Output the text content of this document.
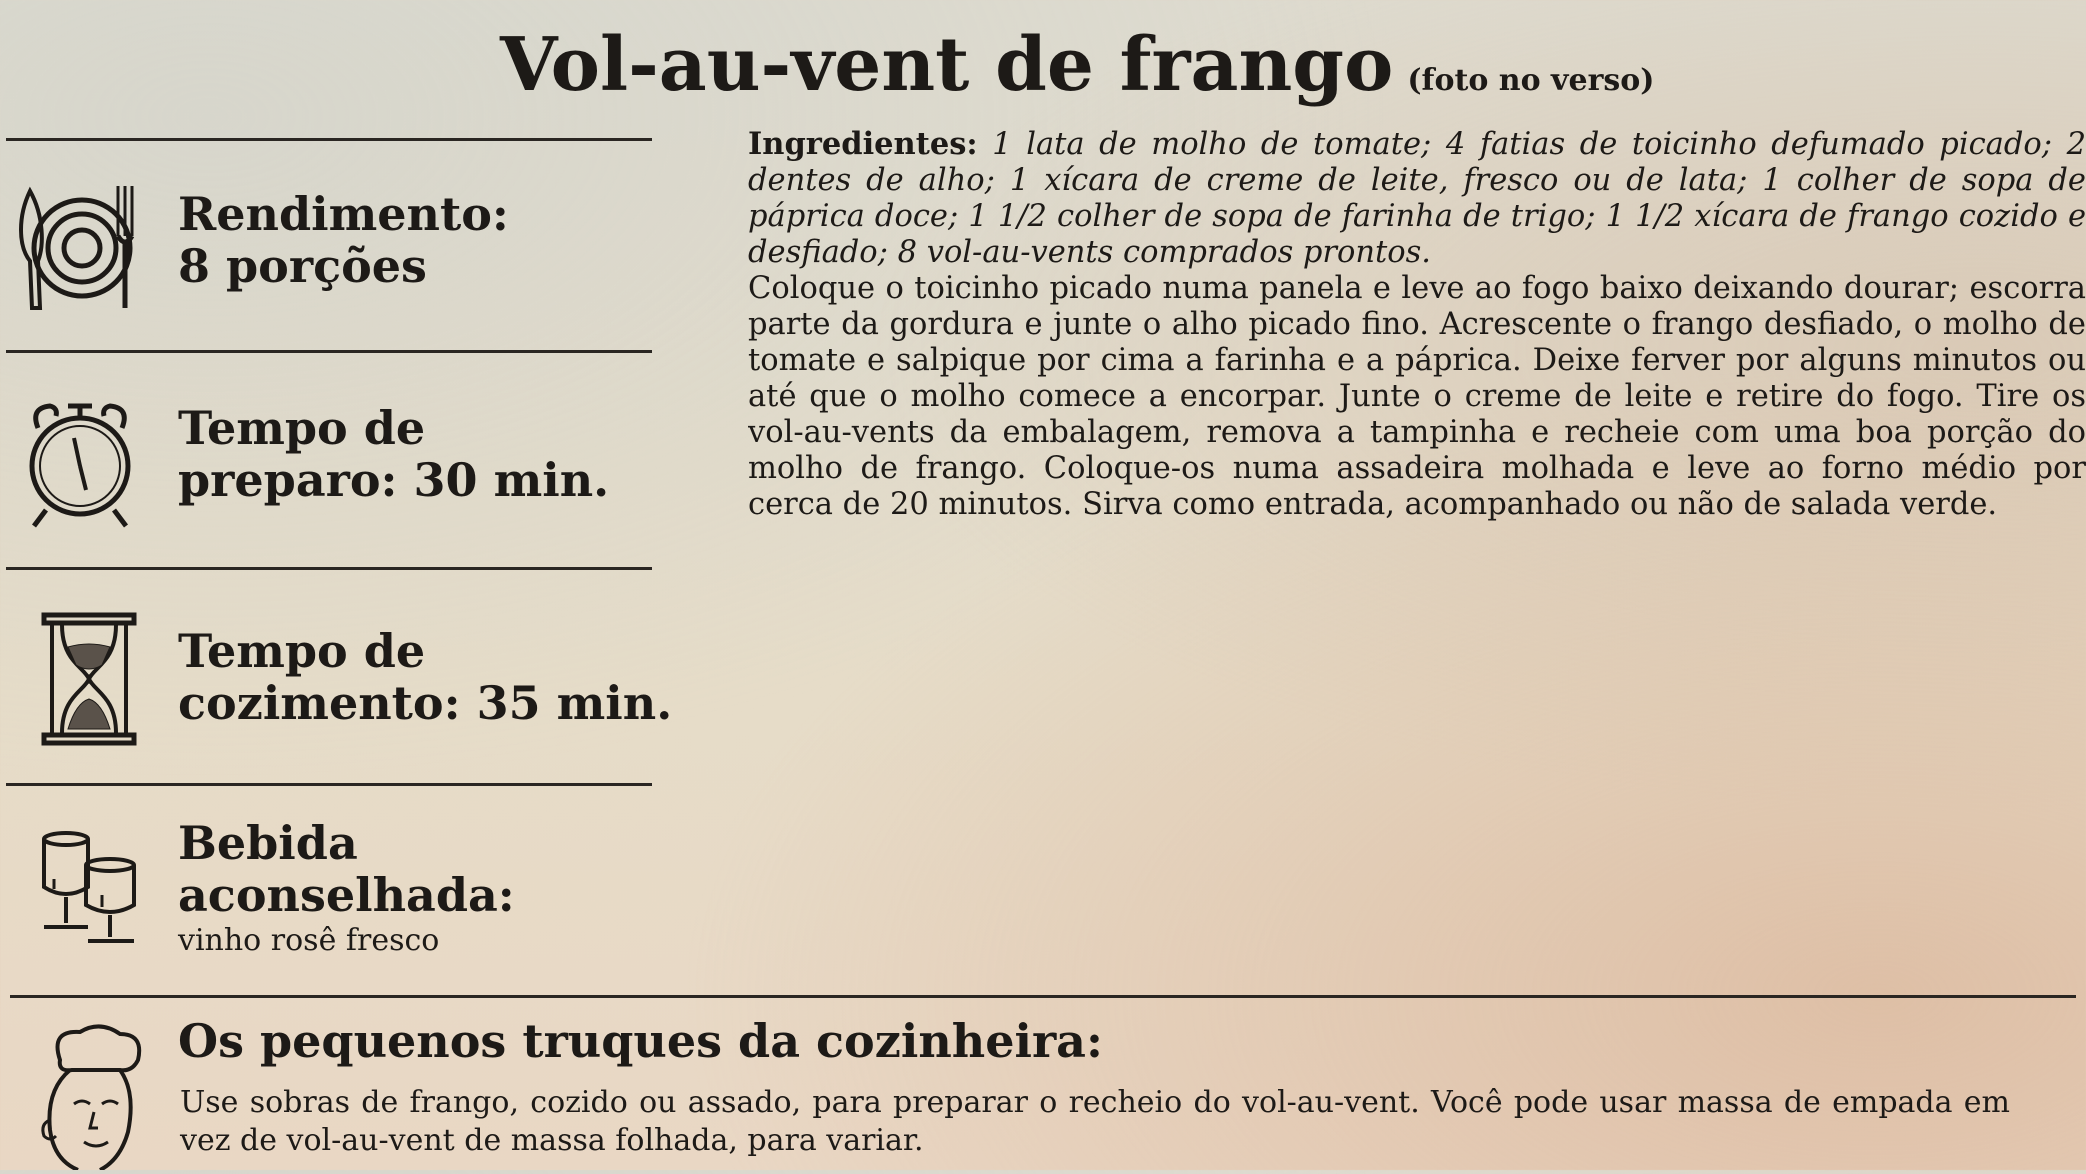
Vol-au-vent de frango (foto no verso)
Rendimento:
8 porções
Tempo de
preparo: 30 min.
Tempo de
cozimento: 35 min.
Bebida
aconselhada:
vinho rosê fresco

Ingredientes: 1 lata de molho de tomate; 4 fatias de toicinho defumado picado; 2 dentes de alho; 1 xícara de creme de leite, fresco ou de lata; 1 colher de sopa de páprica doce; 1 1/2 colher de sopa de farinha de trigo; 1 1/2 xícara de frango cozido e desfiado; 8 vol-au-vents comprados prontos.

Coloque o toicinho picado numa panela e leve ao fogo baixo deixando dourar; escorra parte da gordura e junte o alho picado fino. Acrescente o frango desfiado, o molho de tomate e salpique por cima a farinha e a páprica. Deixe ferver por alguns minutos ou até que o molho comece a encorpar. Junte o creme de leite e retire do fogo. Tire os vol-au-vents da embalagem, remova a tampinha e recheie com uma boa porção do molho de frango. Coloque-os numa assadeira molhada e leve ao forno médio por cerca de 20 minutos. Sirva como entrada, acompanhado ou não de salada verde.

Os pequenos truques da cozinheira:
Use sobras de frango, cozido ou assado, para preparar o recheio do vol-au-vent. Você pode usar massa de empada em vez de vol-au-vent de massa folhada, para variar.
